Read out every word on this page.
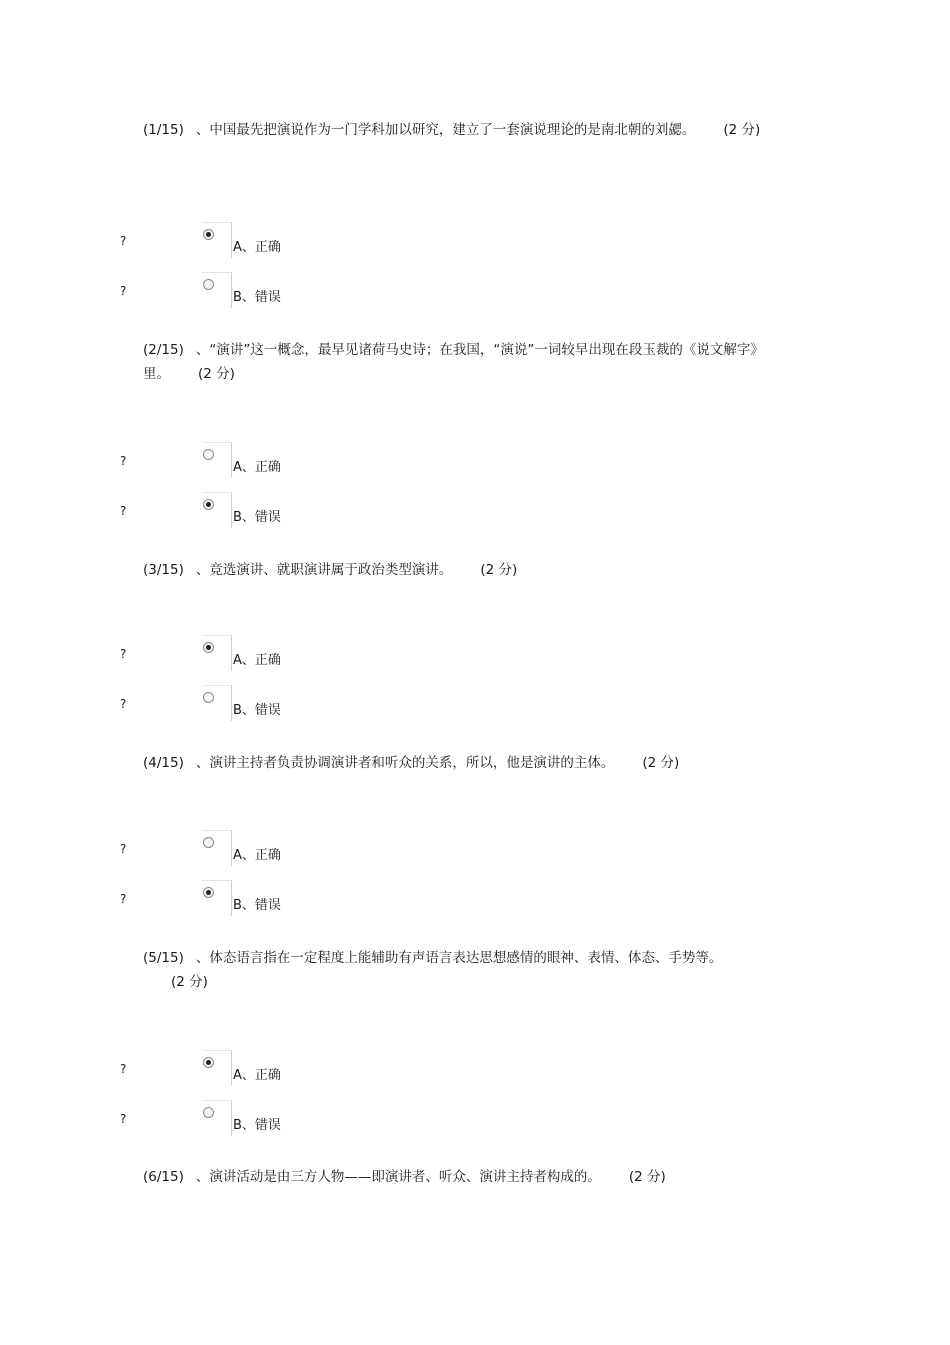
(1/15) 、中国最先把演说作为一门学科加以研究，建立了一套演说理论的是南北朝的刘勰。 (2 分)
?	A、正确
?	B、错误
(2/15) 、“演讲”这一概念，最早见诸荷马史诗；在我国，“演说”一词较早出现在段玉裁的《说文解字》里。 (2 分)
?	A、正确
?	B、错误
(3/15) 、竞选演讲、就职演讲属于政治类型演讲。 (2 分)
?	A、正确
?	B、错误
(4/15) 、演讲主持者负责协调演讲者和听众的关系，所以，他是演讲的主体。 (2 分)
?	A、正确
?	B、错误
(5/15) 、体态语言指在一定程度上能辅助有声语言表达思想感情的眼神、表情、体态、手势等。(2 分)
?	A、正确
?	B、错误
(6/15) 、演讲活动是由三方人物——即演讲者、听众、演讲主持者构成的。 (2 分)
